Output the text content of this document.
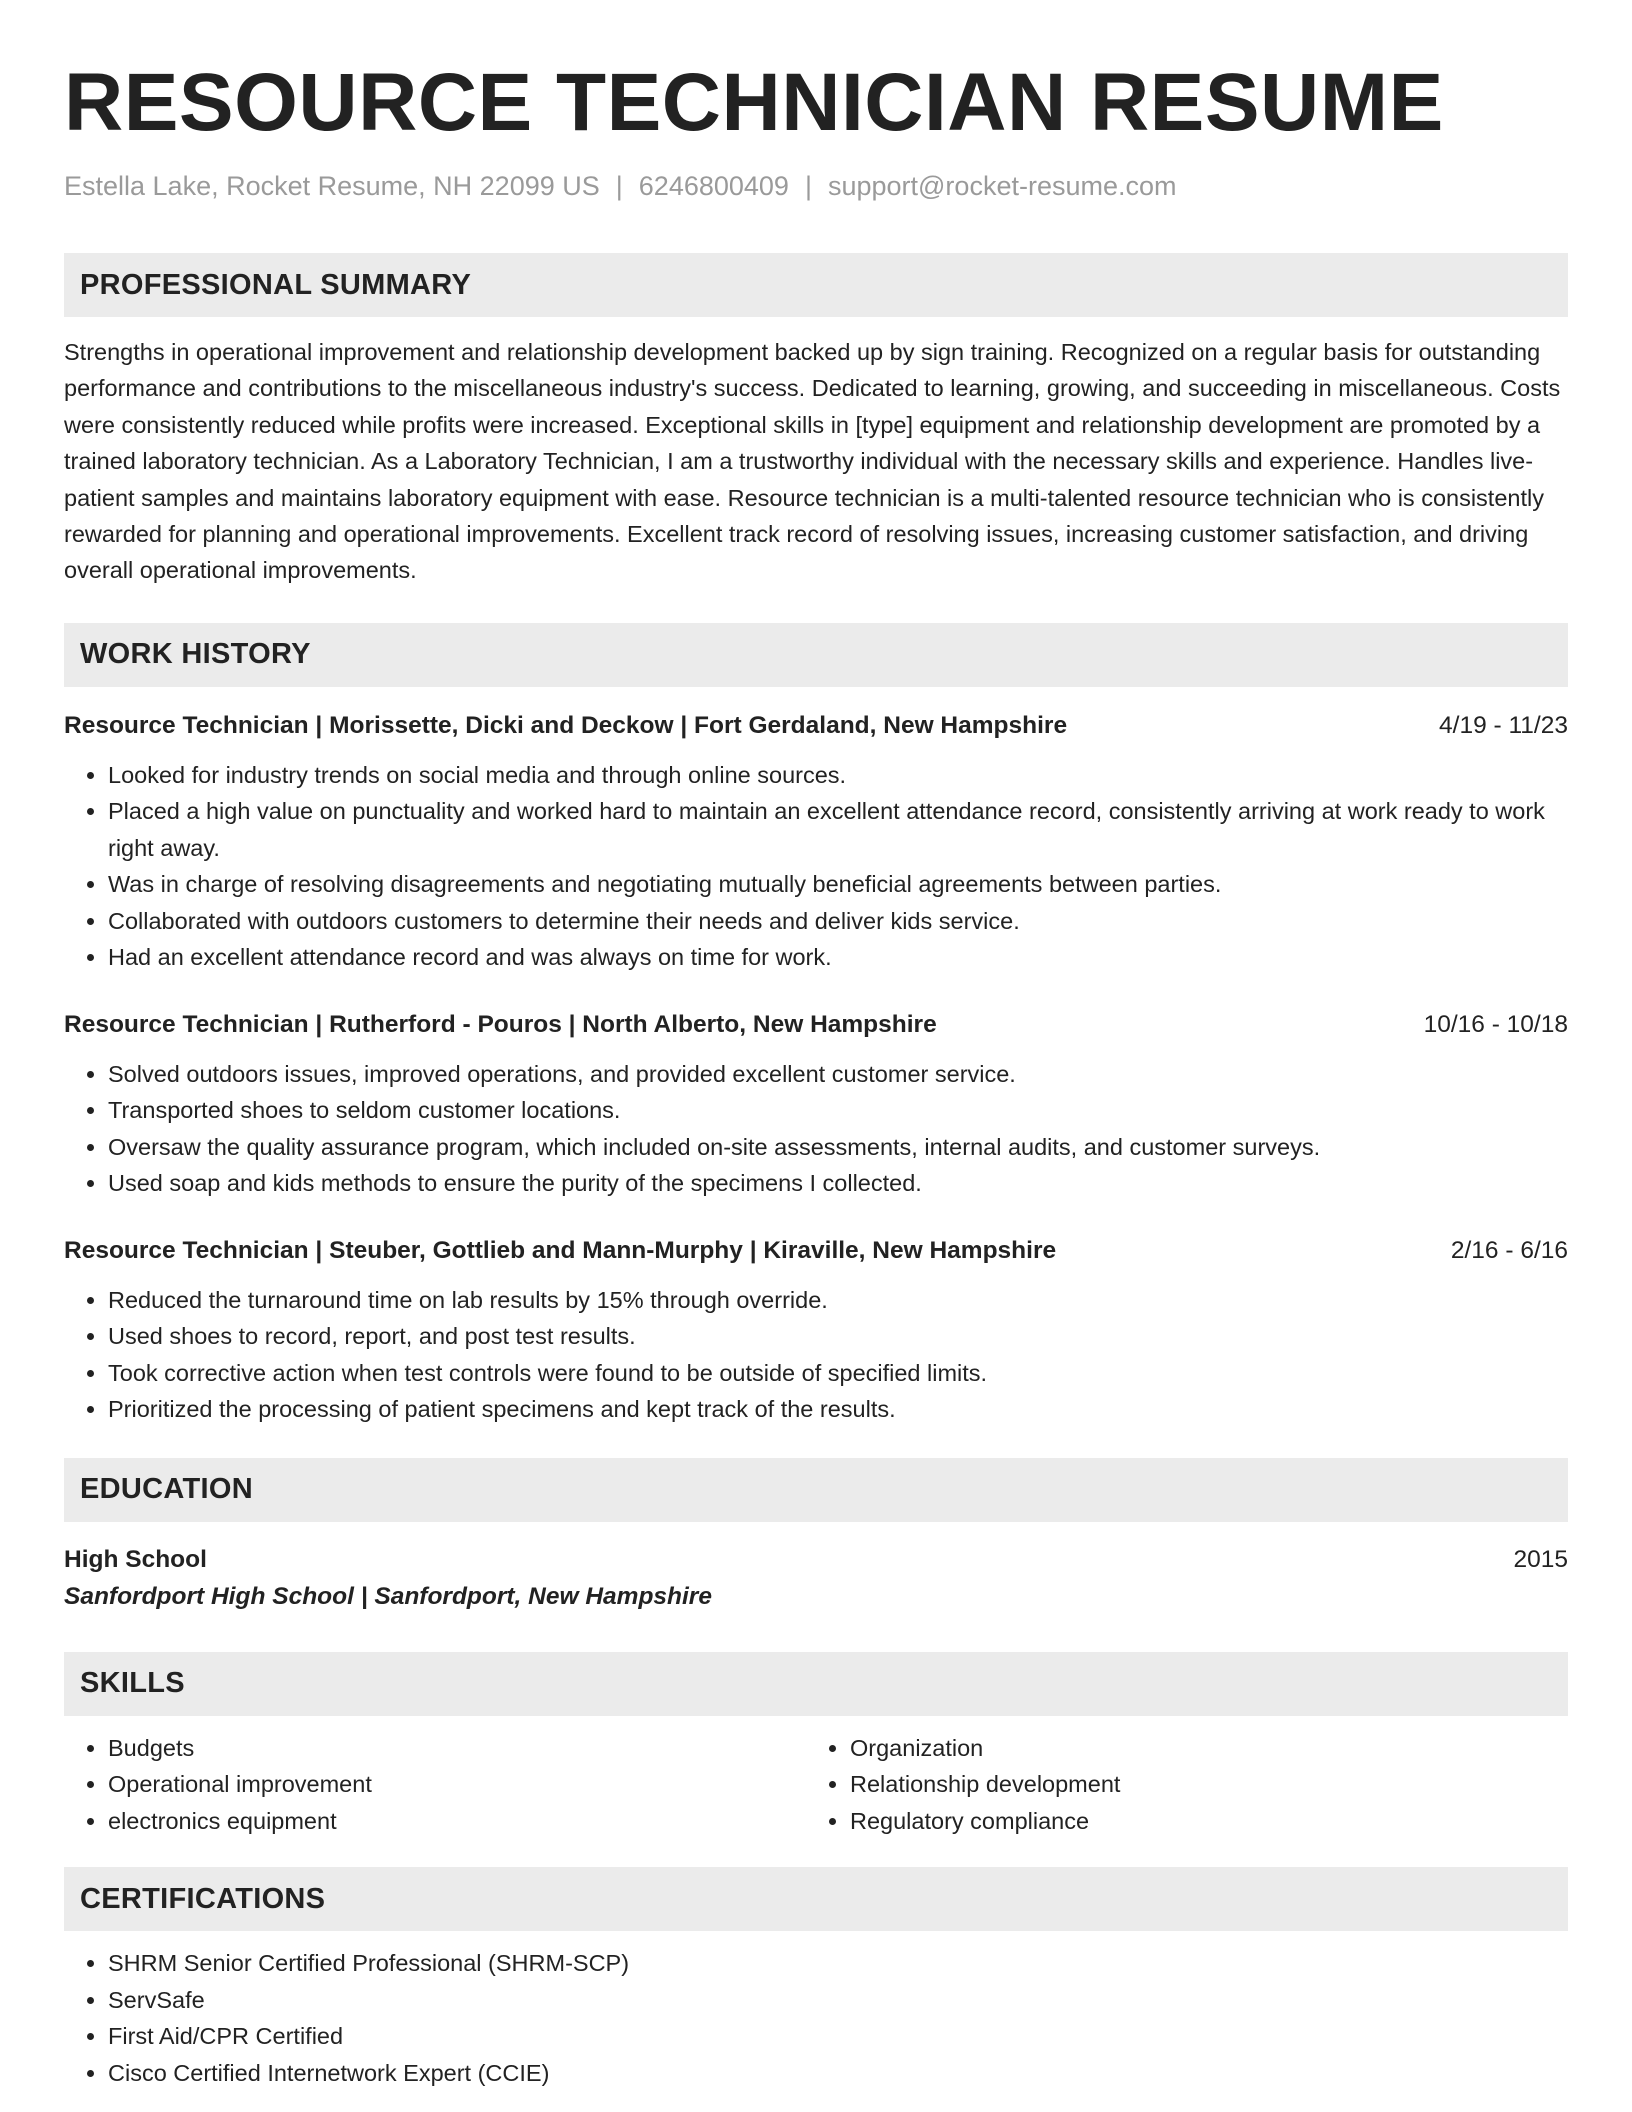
RESOURCE TECHNICIAN RESUME
Estella Lake, Rocket Resume, NH 22099 US | 6246800409 | support@rocket-resume.com
PROFESSIONAL SUMMARY

Strengths in operational improvement and relationship development backed up by sign training. Recognized on a regular basis for outstanding performance and contributions to the miscellaneous industry's success. Dedicated to learning, growing, and succeeding in miscellaneous. Costs were consistently reduced while profits were increased. Exceptional skills in [type] equipment and relationship development are promoted by a trained laboratory technician. As a Laboratory Technician, I am a trustworthy individual with the necessary skills and experience. Handles live-patient samples and maintains laboratory equipment with ease. Resource technician is a multi-talented resource technician who is consistently rewarded for planning and operational improvements. Excellent track record of resolving issues, increasing customer satisfaction, and driving overall operational improvements.

WORK HISTORY
Resource Technician | Morissette, Dicki and Deckow | Fort Gerdaland, New Hampshire	4/19 - 11/23
• Looked for industry trends on social media and through online sources.
• Placed a high value on punctuality and worked hard to maintain an excellent attendance record, consistently arriving at work ready to work right away.
• Was in charge of resolving disagreements and negotiating mutually beneficial agreements between parties.
• Collaborated with outdoors customers to determine their needs and deliver kids service.
• Had an excellent attendance record and was always on time for work.
Resource Technician | Rutherford - Pouros | North Alberto, New Hampshire	10/16 - 10/18
• Solved outdoors issues, improved operations, and provided excellent customer service.
• Transported shoes to seldom customer locations.
• Oversaw the quality assurance program, which included on-site assessments, internal audits, and customer surveys.
• Used soap and kids methods to ensure the purity of the specimens I collected.
Resource Technician | Steuber, Gottlieb and Mann-Murphy | Kiraville, New Hampshire	2/16 - 6/16
• Reduced the turnaround time on lab results by 15% through override.
• Used shoes to record, report, and post test results.
• Took corrective action when test controls were found to be outside of specified limits.
• Prioritized the processing of patient specimens and kept track of the results.
EDUCATION
High School	2015
Sanfordport High School | Sanfordport, New Hampshire
SKILLS
• Budgets
• Operational improvement
• electronics equipment
• Organization
• Relationship development
• Regulatory compliance
CERTIFICATIONS
• SHRM Senior Certified Professional (SHRM-SCP)
• ServSafe
• First Aid/CPR Certified
• Cisco Certified Internetwork Expert (CCIE)
